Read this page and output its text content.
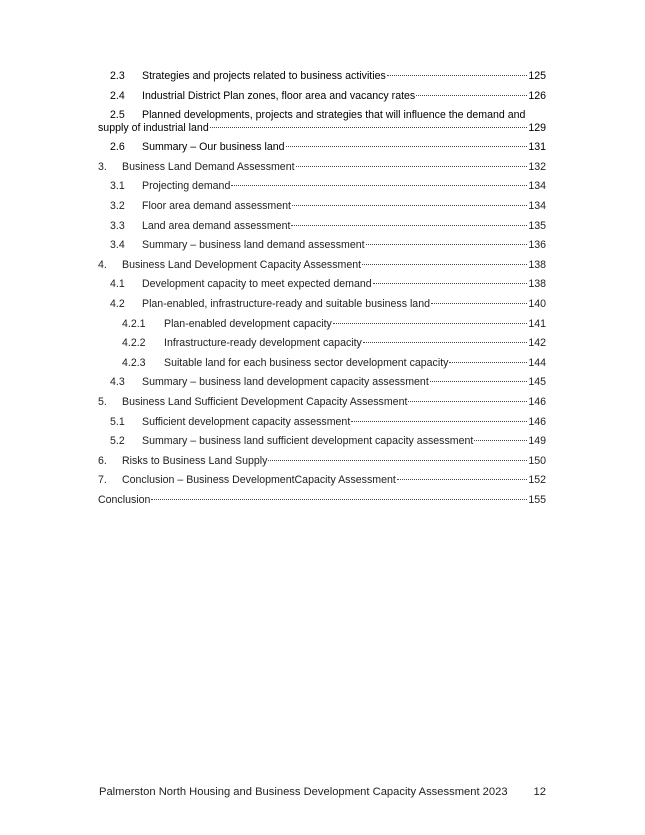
2.3	Strategies and projects related to business activities	125
2.4	Industrial District Plan zones, floor area and vacancy rates	126
2.5	Planned developments, projects and strategies that will influence the demand and
supply of industrial land	129
2.6	Summary – Our business land	131
3.	Business Land Demand Assessment	132
3.1	Projecting demand	134
3.2	Floor area demand assessment	134
3.3	Land area demand assessment	135
3.4	Summary – business land demand assessment	136
4.	Business Land Development Capacity Assessment	138
4.1	Development capacity to meet expected demand	138
4.2	Plan-enabled, infrastructure-ready and suitable business land	140
4.2.1	Plan-enabled development capacity	141
4.2.2	Infrastructure-ready development capacity	142
4.2.3	Suitable land for each business sector development capacity	144
4.3	Summary – business land development capacity assessment	145
5.	Business Land Sufficient Development Capacity Assessment	146
5.1	Sufficient development capacity assessment	146
5.2	Summary – business land sufficient development capacity assessment	149
6.	Risks to Business Land Supply	150
7.	Conclusion – Business DevelopmentCapacity Assessment	152
Conclusion	155
Palmerston North Housing and Business Development Capacity Assessment 2023 12
